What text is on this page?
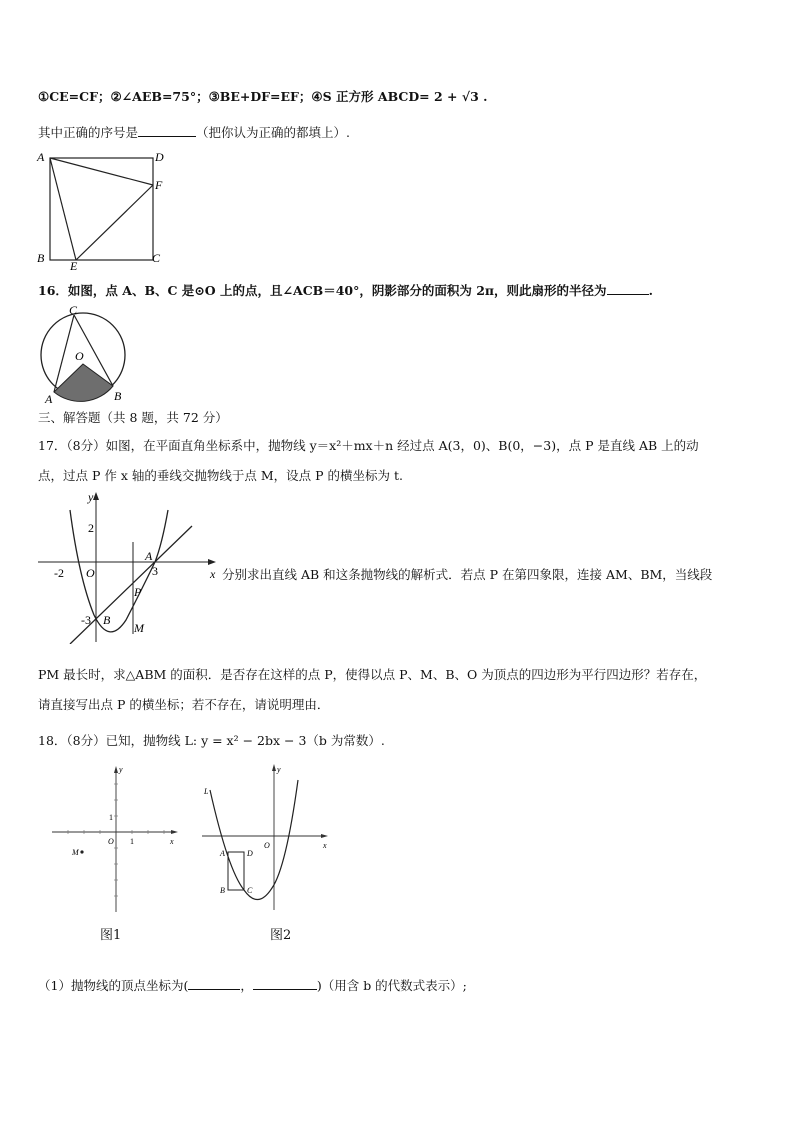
①CE=CF；②∠AEB=75°；③BE+DF=EF；④S 正方形 ABCD= 2 + √3 .
其中正确的序号是	（把你认为正确的都填上）.
A	D
F
B
E
C
16．如图，点 A、B、C 是⊙O 上的点，且∠ACB＝40°，阴影部分的面积为 2π，则此扇形的半径为	.
C
O
A	B
三、解答题（共 8 题，共 72 分）
17．（8分）如图，在平面直角坐标系中，抛物线 y＝x²＋mx＋n 经过点 A(3，0)、B(0，−3)，点 P 是直线 AB 上的动
点，过点 P 作 x 轴的垂线交抛物线于点 M，设点 P 的横坐标为 t.
y
x
2
-2 O
A
3
P
-3 B
M
分别求出直线 AB 和这条抛物线的解析式．若点 P 在第四象限，连接 AM、BM，当线段
PM 最长时，求△ABM 的面积．是否存在这样的点 P，使得以点 P、M、B、O 为顶点的四边形为平行四边形？若存在，
请直接写出点 P 的横坐标；若不存在，请说明理由．
18．（8分）已知，抛物线 L: y = x² − 2bx − 3（b 为常数）.
y
x
1
1
O
M
L
y
x
O
A	D
B	C
图1	图2
（1）抛物线的顶点坐标为(	，	)（用含 b 的代数式表示）;
